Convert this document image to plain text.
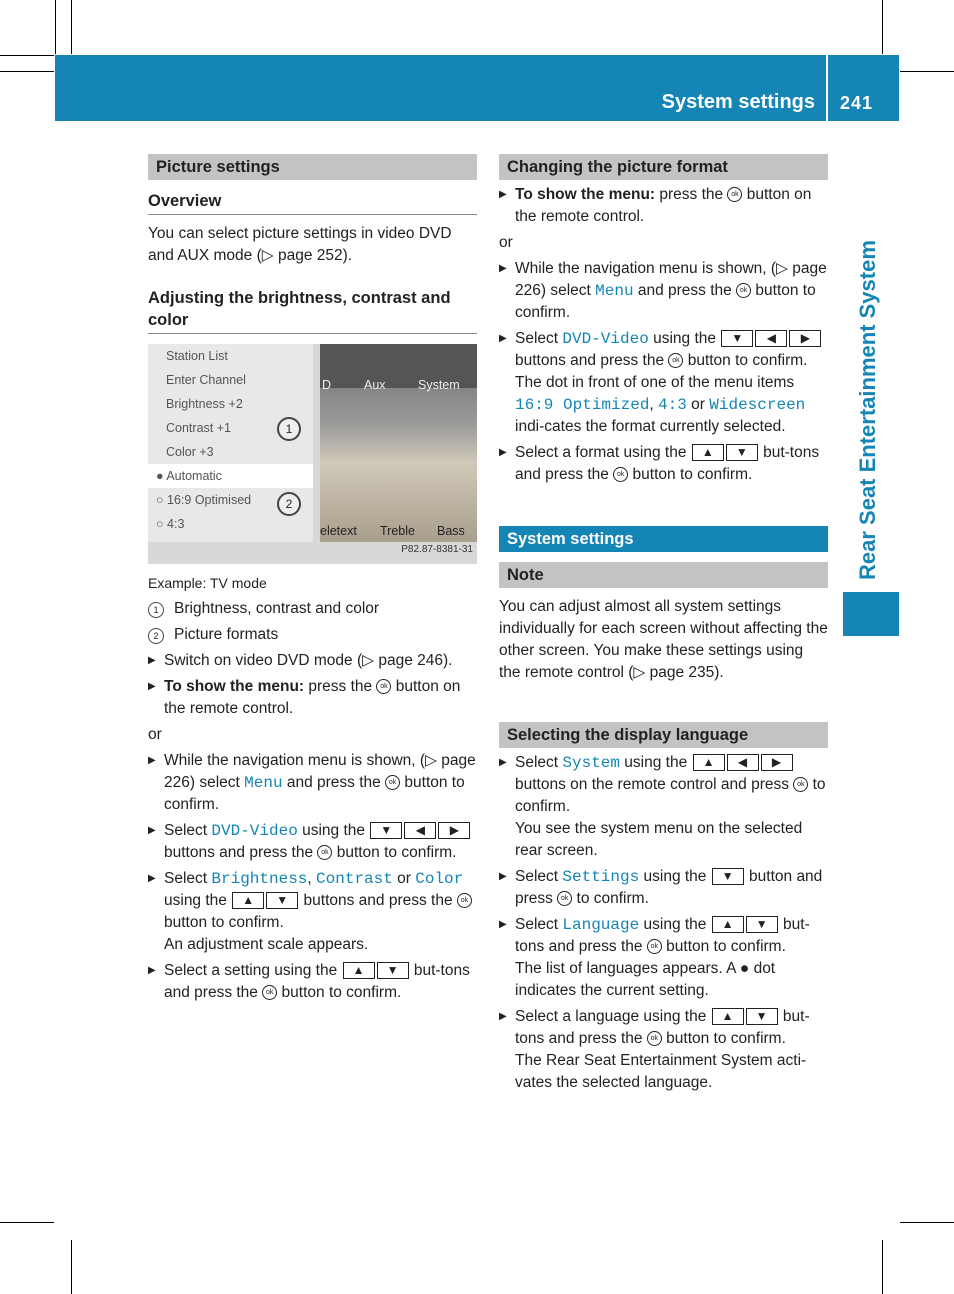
System settings 241
Rear Seat Entertainment System
Picture settings
Overview

You can select picture settings in video DVD and AUX mode (▷ page 252).

Adjusting the brightness, contrast and color
Station List
Enter Channel
Brightness +2
Contrast +1
Color +3
● Automatic
○ 16:9 Optimised
○ 4:3
D	Aux	System
eletext Treble Bass
1
2
P82.87-8381-31
Example: TV mode
1	Brightness, contrast and color
2	Picture formats
▶ Switch on video DVD mode (▷ page 246).
▶ To show the menu: press the ok button on the remote control.

or

▶ While the navigation menu is shown, (▷ page 226) select Menu and press the ok button to confirm.
▶ Select DVD-Video using the ▼ ◀ ▶ buttons and press the ok button to confirm.
▶ Select Brightness, Contrast or Color using the ▲ ▼ buttons and press the ok button to confirm.
An adjustment scale appears.
▶ Select a setting using the ▲ ▼ but-tons and press the ok button to confirm.
Changing the picture format
▶ To show the menu: press the ok button on the remote control.

or

▶ While the navigation menu is shown, (▷ page 226) select Menu and press the ok button to confirm.
▶ Select DVD-Video using the ▼ ◀ ▶ buttons and press the ok button to confirm.
The dot in front of one of the menu items 16:9 Optimized, 4:3 or Widescreen indi-cates the format currently selected.
▶ Select a format using the ▲ ▼ but-tons and press the ok button to confirm.
System settings
Note

You can adjust almost all system settings individually for each screen without affecting the other screen. You make these settings using the remote control (▷ page 235).

Selecting the display language
▶ Select System using the ▲ ◀ ▶ buttons on the remote control and press ok to confirm.
You see the system menu on the selected rear screen.
▶ Select Settings using the ▼ button and press ok to confirm.
▶ Select Language using the ▲ ▼ but-tons and press the ok button to confirm.
The list of languages appears. A ● dot indicates the current setting.
▶ Select a language using the ▲ ▼ but-tons and press the ok button to confirm.
The Rear Seat Entertainment System acti-vates the selected language.
